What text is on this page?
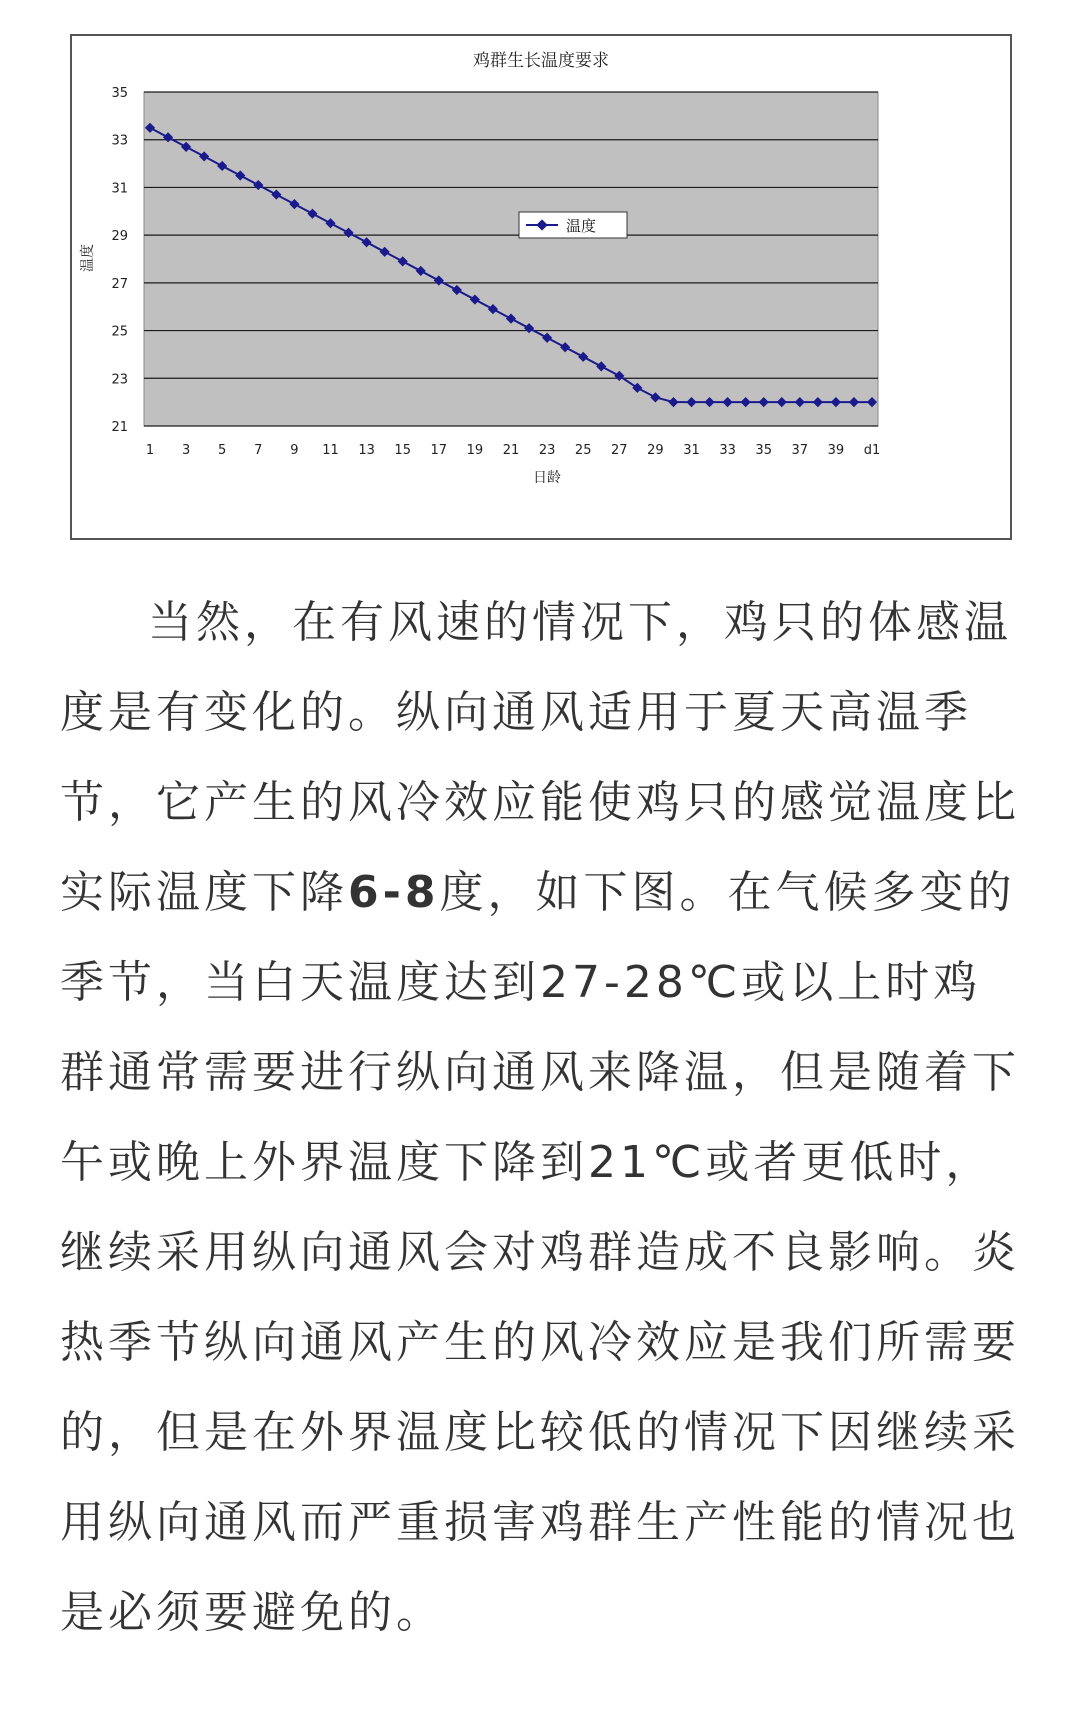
21
23
25
27
29
31
33
35
1 3 5 7 9 11 13 15 17 19 21 23 25 27 29 31 33 35 37 39 d1
鸡群生长温度要求
温度
日龄
温度

当然，在有风速的情况下，鸡只的体感温度是有变化的。纵向通风适用于夏天高温季节，它产生的风冷效应能使鸡只的感觉温度比实际温度下降6-8度，如下图。在气候多变的季节，当白天温度达到27-28℃或以上时鸡群通常需要进行纵向通风来降温，但是随着下午或晚上外界温度下降到21℃或者更低时，继续采用纵向通风会对鸡群造成不良影响。炎热季节纵向通风产生的风冷效应是我们所需要的，但是在外界温度比较低的情况下因继续采用纵向通风而严重损害鸡群生产性能的情况也是必须要避免的。
